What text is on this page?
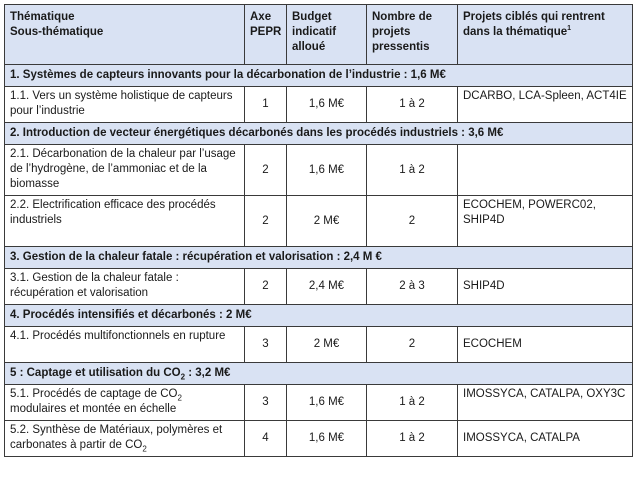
Thématique
Sous-thématique	Axe PEPR	Budget indicatif alloué	Nombre de projets pressentis	Projets ciblés qui rentrent dans la thématique$^1$
1. Systèmes de capteurs innovants pour la décarbonation de l’industrie : 1,6 M€				
1.1. Vers un système holistique de capteurs pour l’industrie	1	1,6 M€	1 à 2	DCARBO, LCA-Spleen, ACT4IE
2. Introduction de vecteur énergétiques décarbonés dans les procédés industriels : 3,6 M€				
2.1. Décarbonation de la chaleur par l’usage de l’hydrogène, de l’ammoniac et de la biomasse	2	1,6 M€	1 à 2	
2.2. Electrification efficace des procédés industriels	2	2 M€	2	ECOCHEM, POWERC02, SHIP4D
3. Gestion de la chaleur fatale : récupération et valorisation : 2,4 M €				
3.1. Gestion de la chaleur fatale : récupération et valorisation	2	2,4 M€	2 à 3	SHIP4D
4. Procédés intensifiés et décarbonés : 2 M€				
4.1. Procédés multifonctionnels en rupture	3	2 M€	2	ECOCHEM
5 : Captage et utilisation du $CO_2$ : 3,2 M€				
5.1. Procédés de captage de $CO_2$ modulaires et montée en échelle	3	1,6 M€	1 à 2	IMOSSYCA, CATALPA, OXY3C
5.2. Synthèse de Matériaux, polymères et carbonates à partir de $CO_2$	4	1,6 M€	1 à 2	IMOSSYCA, CATALPA
